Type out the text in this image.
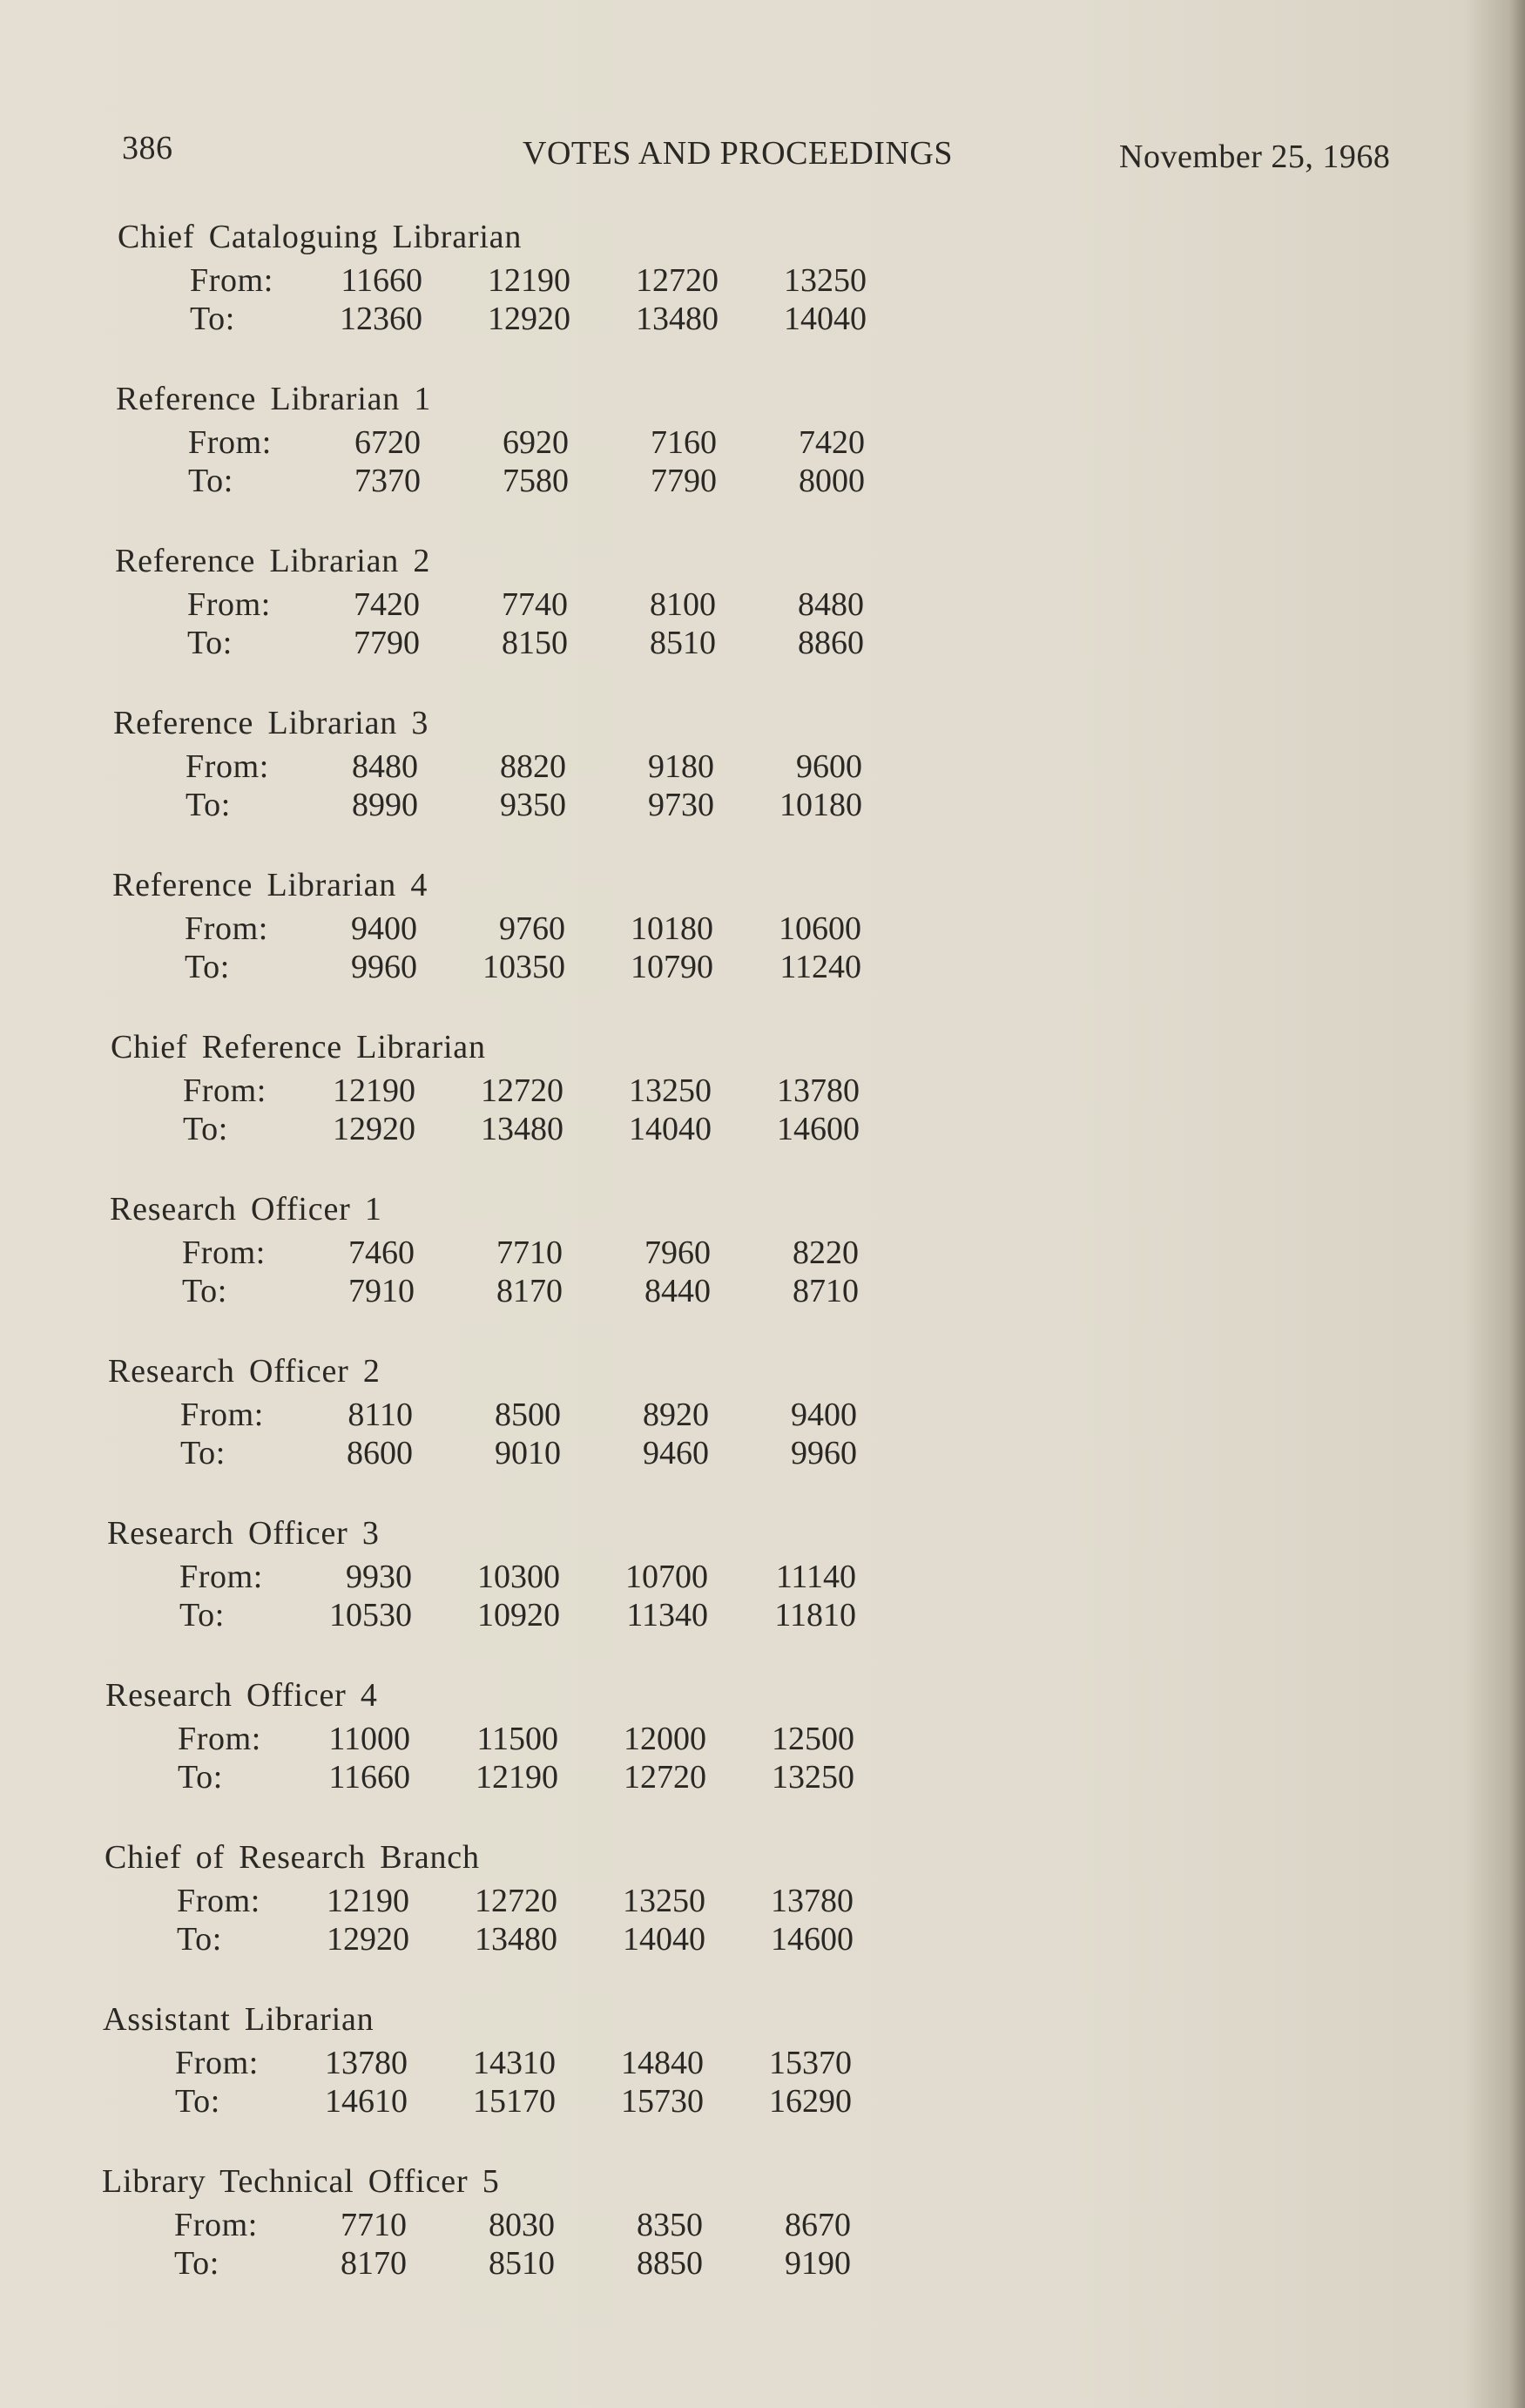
386	VOTES AND PROCEEDINGS	November 25, 1968
Chief Cataloguing Librarian
From:	11660	12190	12720	13250
To:	12360	12920	13480	14040
Reference Librarian 1
From:	6720	6920	7160	7420
To:	7370	7580	7790	8000
Reference Librarian 2
From:	7420	7740	8100	8480
To:	7790	8150	8510	8860
Reference Librarian 3
From:	8480	8820	9180	9600
To:	8990	9350	9730	10180
Reference Librarian 4
From:	9400	9760	10180	10600
To:	9960	10350	10790	11240
Chief Reference Librarian
From:	12190	12720	13250	13780
To:	12920	13480	14040	14600
Research Officer 1
From:	7460	7710	7960	8220
To:	7910	8170	8440	8710
Research Officer 2
From:	8110	8500	8920	9400
To:	8600	9010	9460	9960
Research Officer 3
From:	9930	10300	10700	11140
To:	10530	10920	11340	11810
Research Officer 4
From:	11000	11500	12000	12500
To:	11660	12190	12720	13250
Chief of Research Branch
From:	12190	12720	13250	13780
To:	12920	13480	14040	14600
Assistant Librarian
From:	13780	14310	14840	15370
To:	14610	15170	15730	16290
Library Technical Officer 5
From:	7710	8030	8350	8670
To:	8170	8510	8850	9190
